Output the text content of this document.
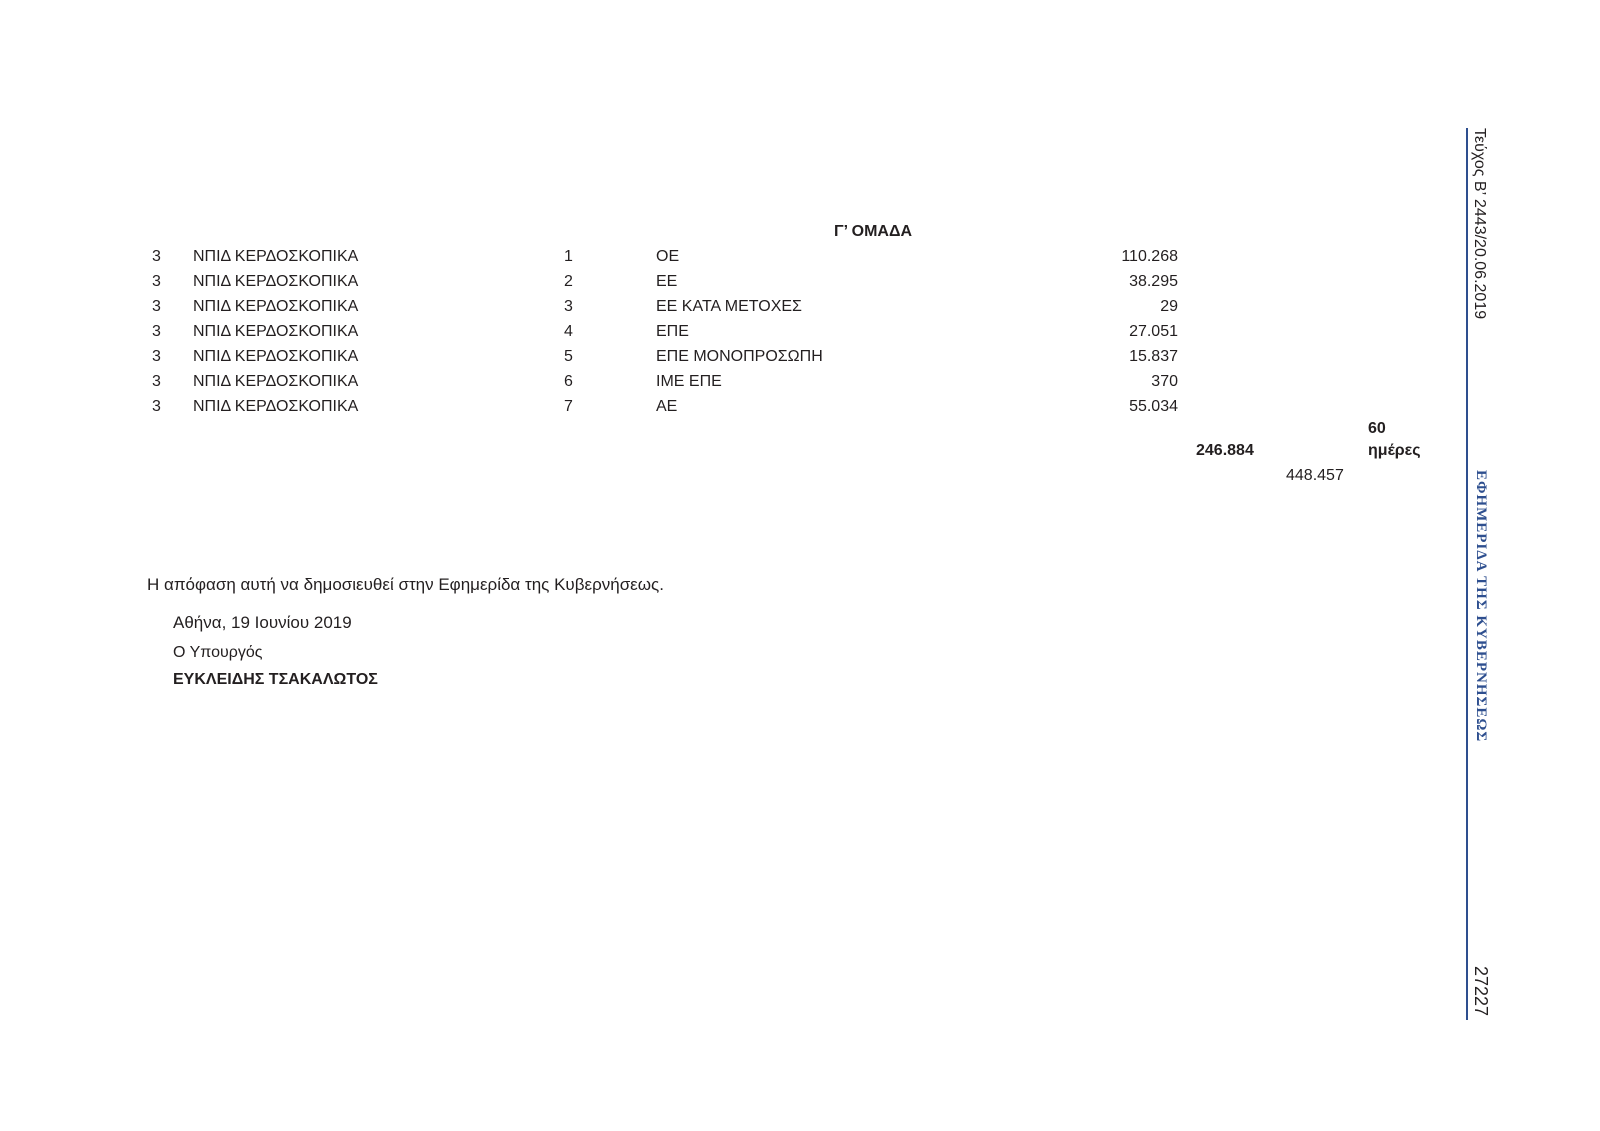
Γ’ ΟΜΑΔΑ
3	ΝΠΙΔ ΚΕΡΔΟΣΚΟΠΙΚΑ	1	ΟΕ	110.268
3	ΝΠΙΔ ΚΕΡΔΟΣΚΟΠΙΚΑ	2	ΕΕ	38.295
3	ΝΠΙΔ ΚΕΡΔΟΣΚΟΠΙΚΑ	3	ΕΕ ΚΑΤΑ ΜΕΤΟΧΕΣ	29
3	ΝΠΙΔ ΚΕΡΔΟΣΚΟΠΙΚΑ	4	ΕΠΕ	27.051
3	ΝΠΙΔ ΚΕΡΔΟΣΚΟΠΙΚΑ	5	ΕΠΕ ΜΟΝΟΠΡΟΣΩΠΗ	15.837
3	ΝΠΙΔ ΚΕΡΔΟΣΚΟΠΙΚΑ	6	ΙΜΕ ΕΠΕ	370
3	ΝΠΙΔ ΚΕΡΔΟΣΚΟΠΙΚΑ	7	ΑΕ	55.034
60
246.884	ημέρες
448.457
Η απόφαση αυτή να δημοσιευθεί στην Εφημερίδα της Κυβερνήσεως.
Αθήνα, 19 Ιουνίου 2019
Ο Υπουργός
ΕΥΚΛΕΙΔΗΣ ΤΣΑΚΑΛΩΤΟΣ
Τεύχος Β’ 2443/20.06.2019
ΕΦΗΜΕΡΙΔΑ ΤΗΣ ΚΥΒΕΡΝΗΣΕΩΣ
27227
